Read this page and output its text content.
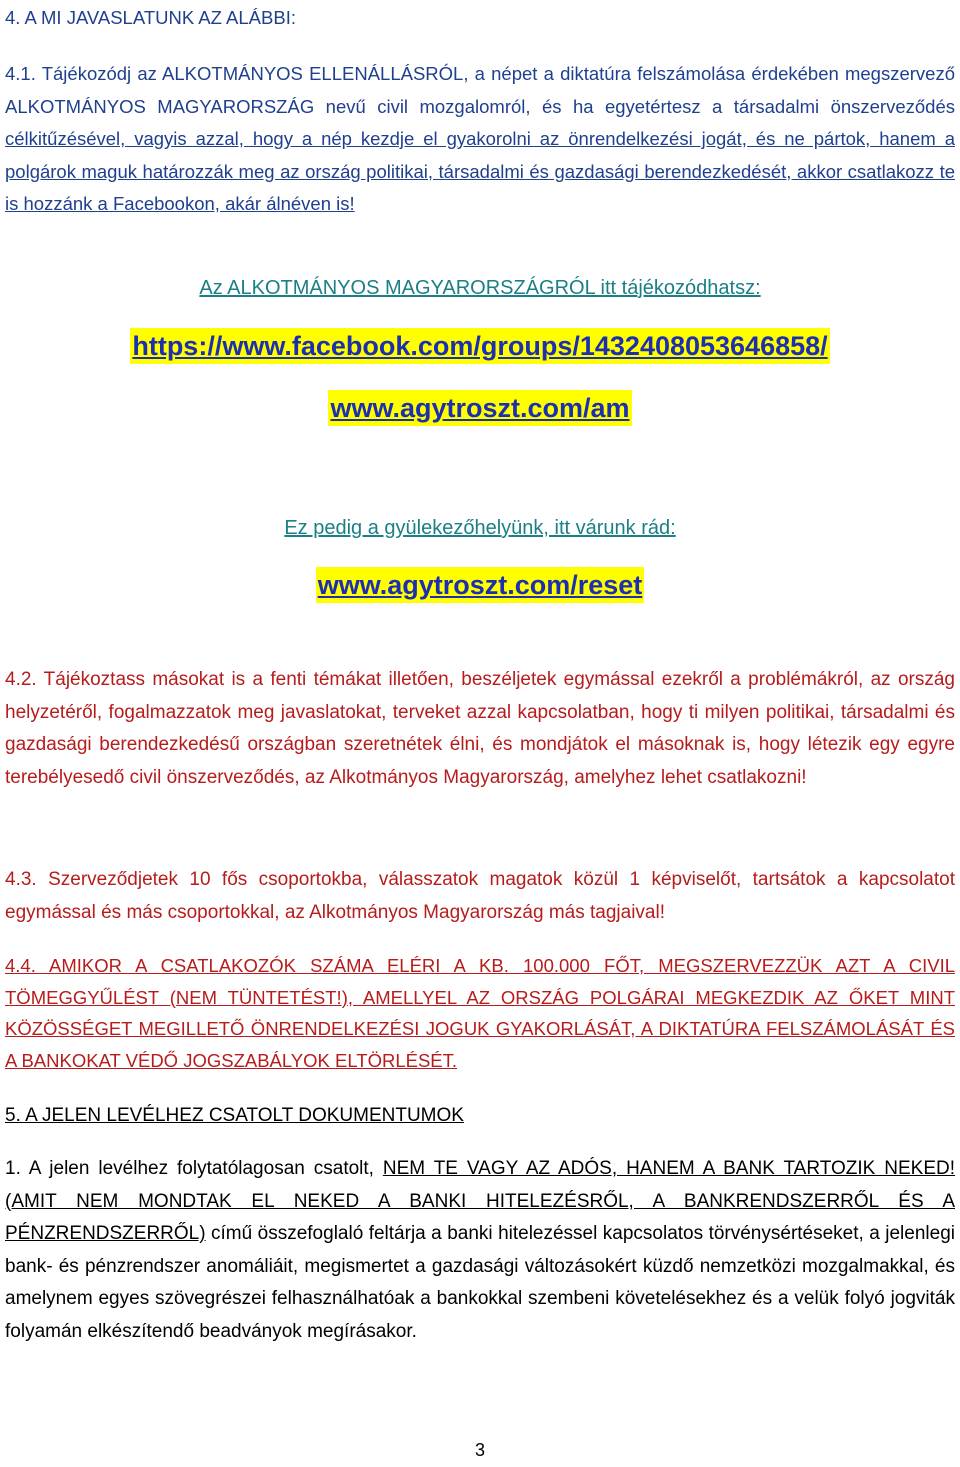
4. A MI JAVASLATUNK AZ ALÁBBI:

4.1. Tájékozódj az ALKOTMÁNYOS ELLENÁLLÁSRÓL, a népet a diktatúra felszámolása érdekében megszervező ALKOTMÁNYOS MAGYARORSZÁG nevű civil mozgalomról, és ha egyetértesz a társadalmi önszerveződés célkitűzésével, vagyis azzal, hogy a nép kezdje el gyakorolni az önrendelkezési jogát, és ne pártok, hanem a polgárok maguk határozzák meg az ország politikai, társadalmi és gazdasági berendezkedését, akkor csatlakozz te is hozzánk a Facebookon, akár álnéven is!

Az ALKOTMÁNYOS MAGYARORSZÁGRÓL itt tájékozódhatsz:

https://www.facebook.com/groups/1432408053646858/

www.agytroszt.com/am

Ez pedig a gyülekezőhelyünk, itt várunk rád:

www.agytroszt.com/reset

4.2. Tájékoztass másokat is a fenti témákat illetően, beszéljetek egymással ezekről a problémákról, az ország helyzetéről, fogalmazzatok meg javaslatokat, terveket azzal kapcsolatban, hogy ti milyen politikai, társadalmi és gazdasági berendezkedésű országban szeretnétek élni, és mondjátok el másoknak is, hogy létezik egy egyre terebélyesedő civil önszerveződés, az Alkotmányos Magyarország, amelyhez lehet csatlakozni!

4.3. Szerveződjetek 10 fős csoportokba, válasszatok magatok közül 1 képviselőt, tartsátok a kapcsolatot egymással és más csoportokkal, az Alkotmányos Magyarország más tagjaival!

4.4. AMIKOR A CSATLAKOZÓK SZÁMA ELÉRI A KB. 100.000 FŐT, MEGSZERVEZZÜK AZT A CIVIL TÖMEGGYŰLÉST (NEM TÜNTETÉST!), AMELLYEL AZ ORSZÁG POLGÁRAI MEGKEZDIK AZ ŐKET MINT KÖZÖSSÉGET MEGILLETŐ ÖNRENDELKEZÉSI JOGUK GYAKORLÁSÁT, A DIKTATÚRA FELSZÁMOLÁSÁT ÉS A BANKOKAT VÉDŐ JOGSZABÁLYOK ELTÖRLÉSÉT.

5. A JELEN LEVÉLHEZ CSATOLT DOKUMENTUMOK

1. A jelen levélhez folytatólagosan csatolt, NEM TE VAGY AZ ADÓS, HANEM A BANK TARTOZIK NEKED! (AMIT NEM MONDTAK EL NEKED A BANKI HITELEZÉSRŐL, A BANKRENDSZERRŐL ÉS A PÉNZRENDSZERRŐL) című összefoglaló feltárja a banki hitelezéssel kapcsolatos törvénysértéseket, a jelenlegi bank- és pénzrendszer anomáliáit, megismertet a gazdasági változásokért küzdő nemzetközi mozgalmakkal, és amelynem egyes szövegrészei felhasználhatóak a bankokkal szembeni követelésekhez és a velük folyó jogviták folyamán elkészítendő beadványok megírásakor.

3
